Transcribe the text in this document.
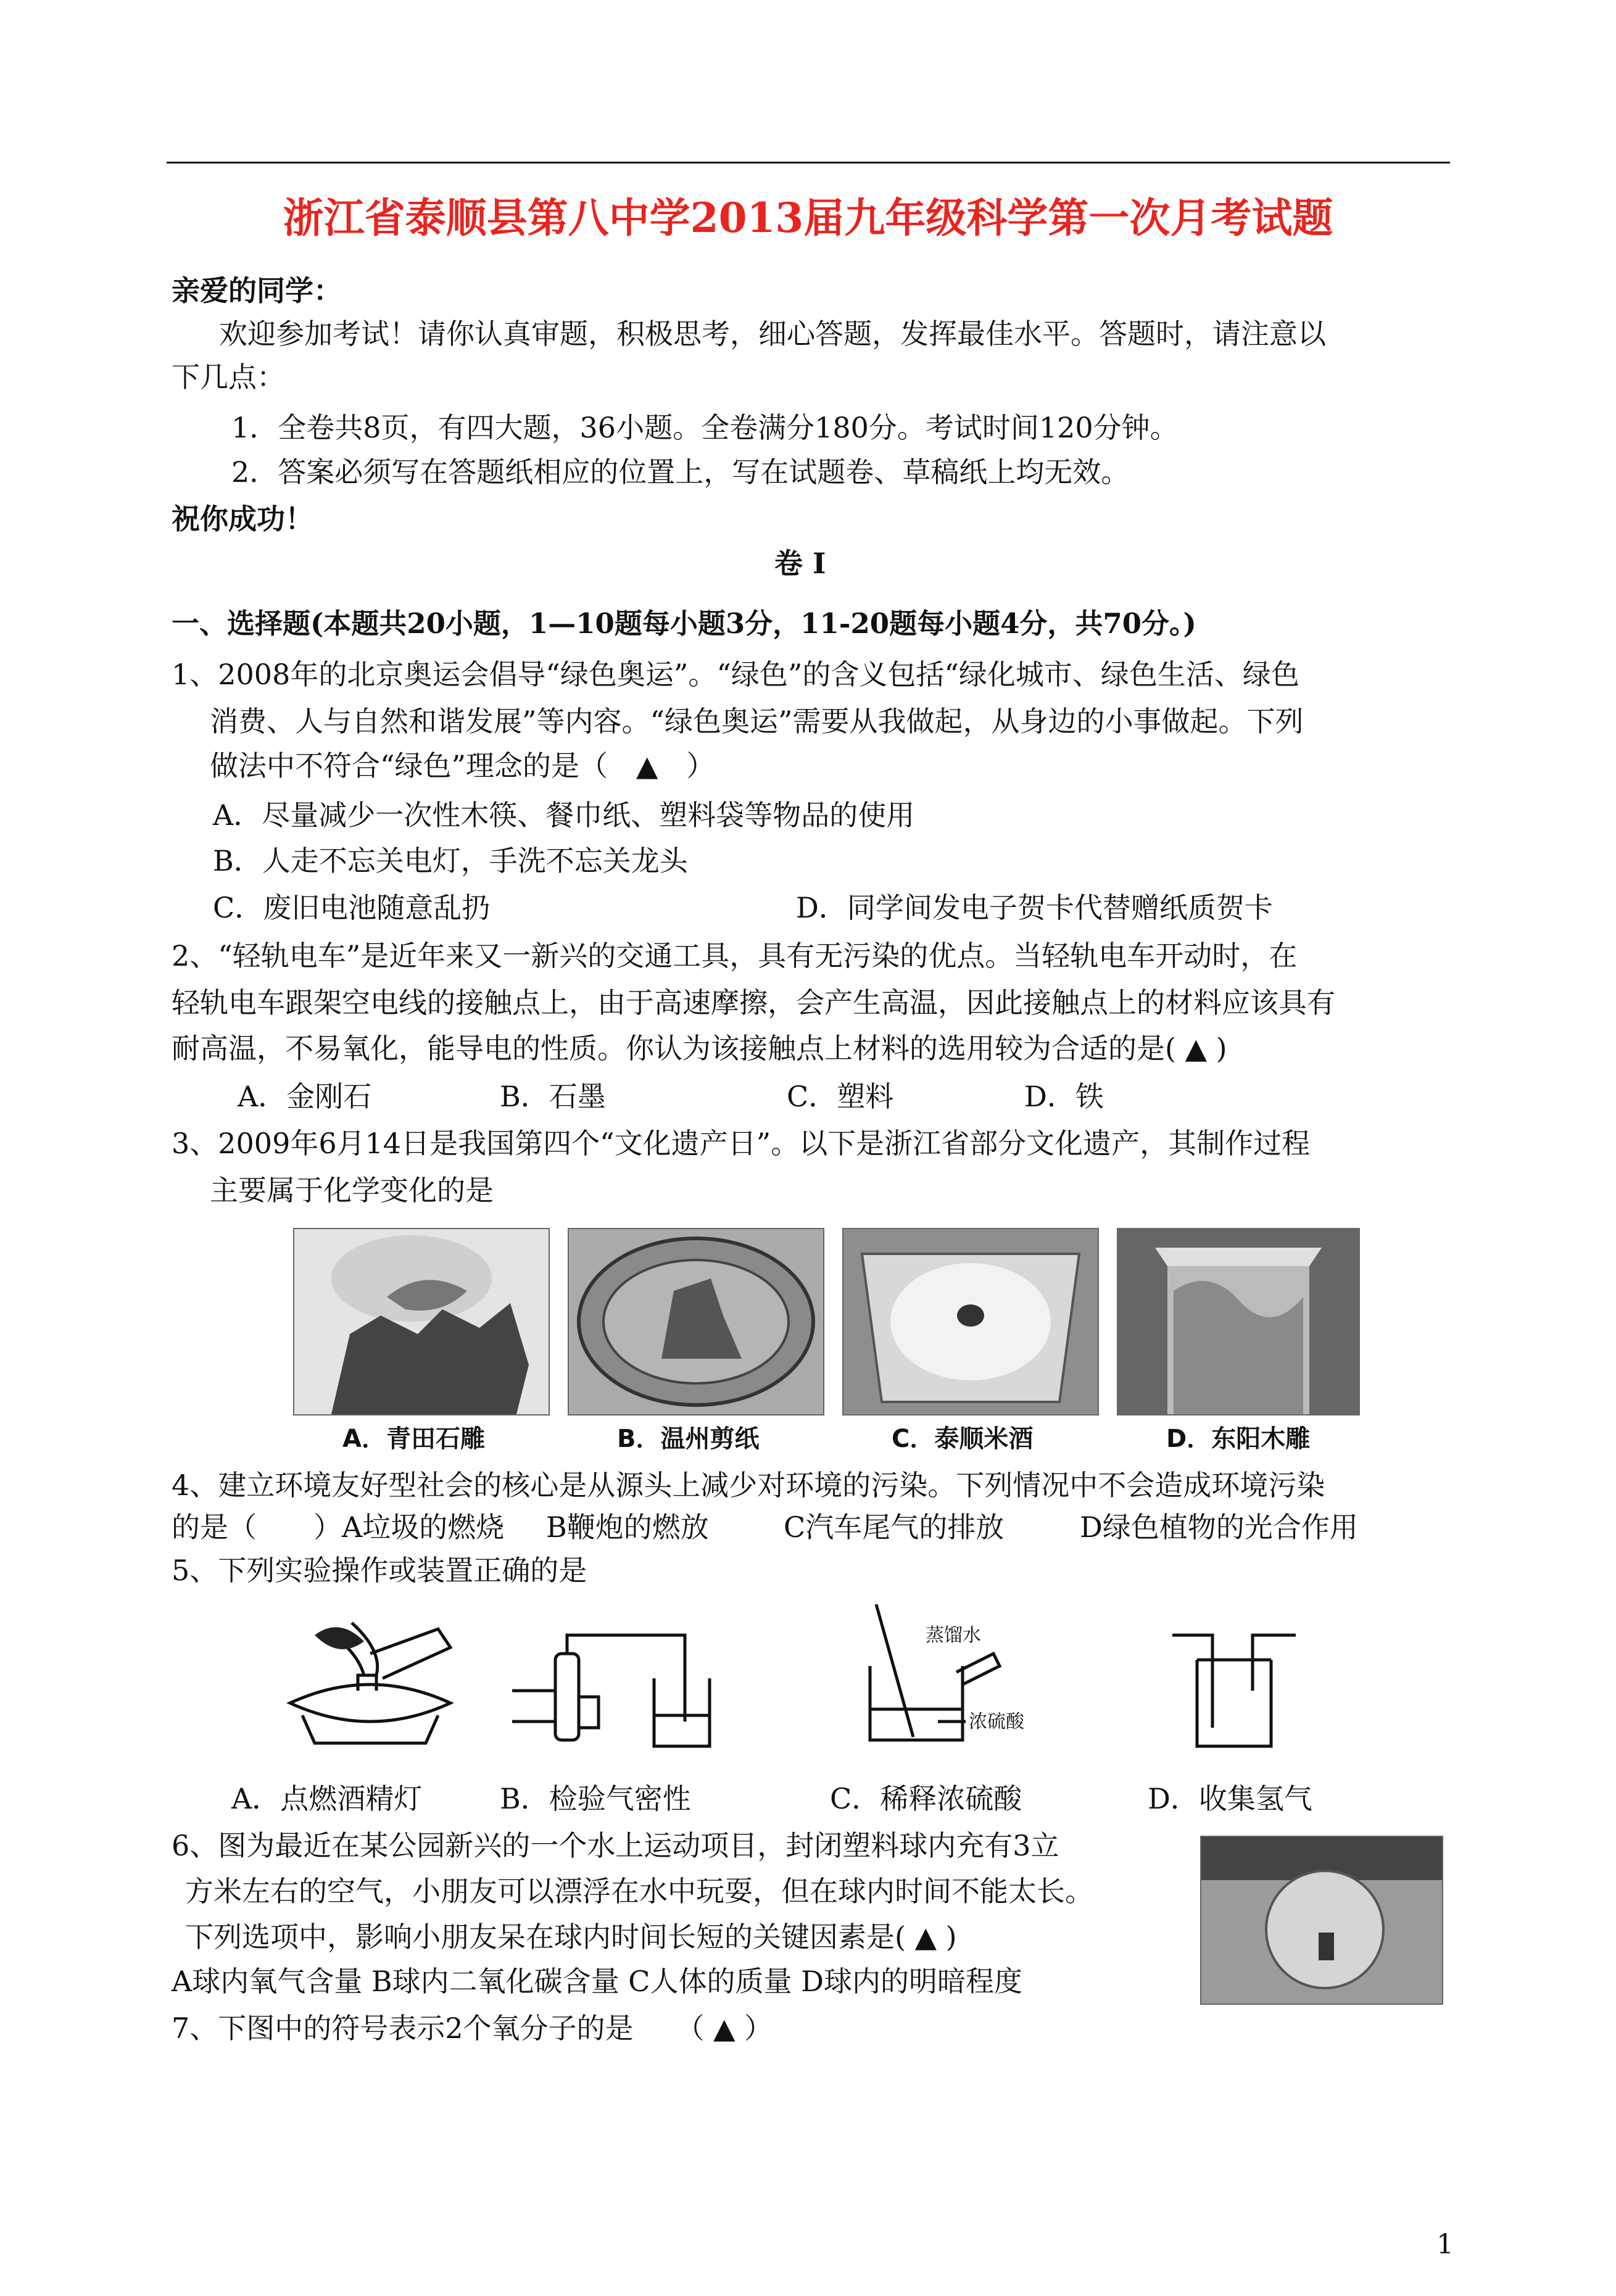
浙江省泰顺县第八中学2013届九年级科学第一次月考试题
亲爱的同学：
欢迎参加考试！请你认真审题，积极思考，细心答题，发挥最佳水平。答题时，请注意以
下几点：
1．全卷共8页，有四大题，36小题。全卷满分180分。考试时间120分钟。
2．答案必须写在答题纸相应的位置上，写在试题卷、草稿纸上均无效。
祝你成功！
卷 Ⅰ
一、选择题(本题共20小题，1—10题每小题3分，11-20题每小题4分，共70分。)
1、2008年的北京奥运会倡导“绿色奥运”。“绿色”的含义包括“绿化城市、绿色生活、绿色
消费、人与自然和谐发展”等内容。“绿色奥运”需要从我做起，从身边的小事做起。下列
做法中不符合“绿色”理念的是（　▲　）
A．尽量减少一次性木筷、餐巾纸、塑料袋等物品的使用
B．人走不忘关电灯，手洗不忘关龙头
C．废旧电池随意乱扔	D．同学间发电子贺卡代替赠纸质贺卡
2、“轻轨电车”是近年来又一新兴的交通工具，具有无污染的优点。当轻轨电车开动时，在
轻轨电车跟架空电线的接触点上，由于高速摩擦，会产生高温，因此接触点上的材料应该具有
耐高温，不易氧化，能导电的性质。你认为该接触点上材料的选用较为合适的是( ▲ )
A．金刚石	B．石墨	C．塑料	D．铁
3、2009年6月14日是我国第四个“文化遗产日”。以下是浙江省部分文化遗产，其制作过程
主要属于化学变化的是
A．青田石雕	B．温州剪纸	C．泰顺米酒	D．东阳木雕
4、建立环境友好型社会的核心是从源头上减少对环境的污染。下列情况中不会造成环境污染
的是（　　）A垃圾的燃烧 B鞭炮的燃放	C汽车尾气的排放	D绿色植物的光合作用
5、下列实验操作或装置正确的是
蒸馏水
浓硫酸
A．点燃酒精灯	B．检验气密性	C．稀释浓硫酸	D．收集氢气
6、图为最近在某公园新兴的一个水上运动项目，封闭塑料球内充有3立
方米左右的空气，小朋友可以漂浮在水中玩耍，但在球内时间不能太长。
下列选项中，影响小朋友呆在球内时间长短的关键因素是( ▲ )
A球内氧气含量 B球内二氧化碳含量 C人体的质量 D球内的明暗程度
7、下图中的符号表示2个氧分子的是　　（ ▲ ）
1
